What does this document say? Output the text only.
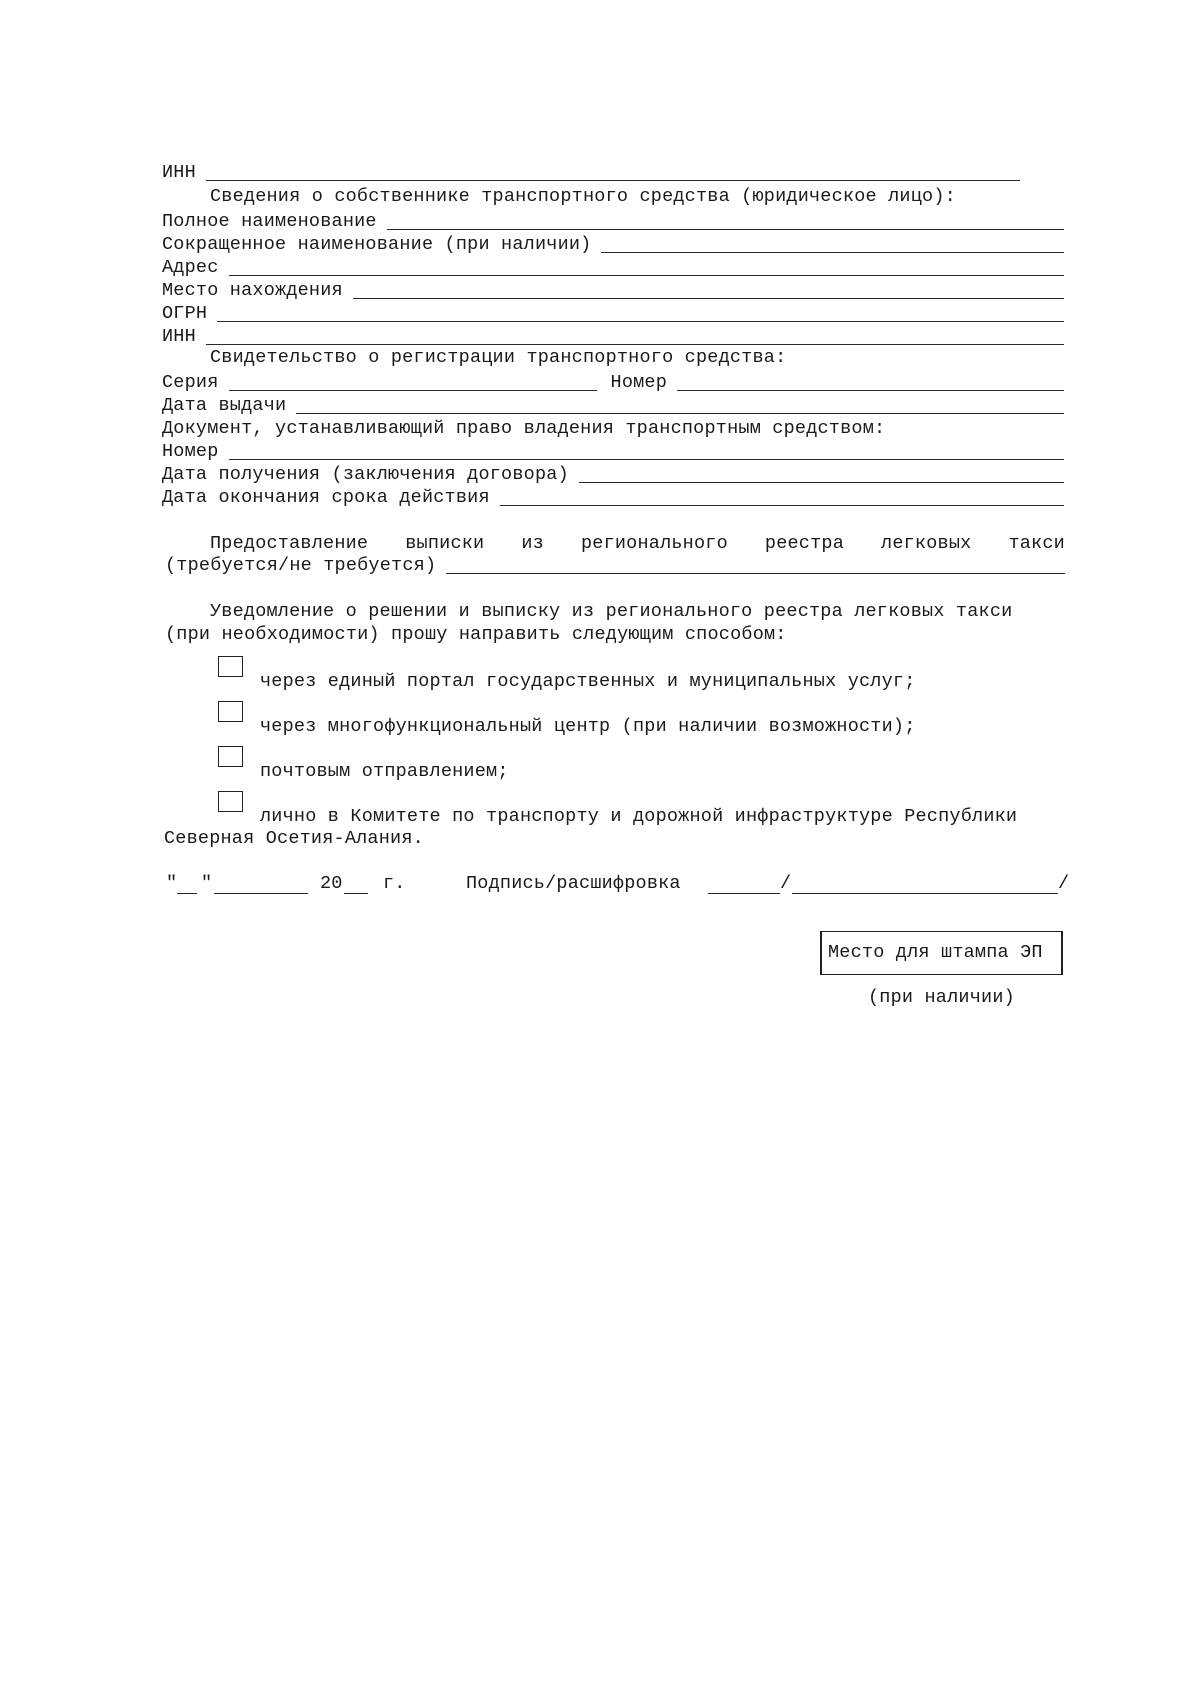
ИНН
Сведения о собственнике транспортного средства (юридическое лицо):
Полное наименование
Сокращенное наименование (при наличии)
Адрес
Место нахождения
ОГРН
ИНН
Свидетельство о регистрации транспортного средства:
Серия	Номер
Дата выдачи
Документ, устанавливающий право владения транспортным средством:
Номер
Дата получения (заключения договора)
Дата окончания срока действия
Предоставление выписки из регионального реестра легковых такси
(требуется/не требуется)
Уведомление о решении и выписку из регионального реестра легковых такси
(при необходимости) прошу направить следующим способом:
через единый портал государственных и муниципальных услуг;
через многофункциональный центр (при наличии возможности);
почтовым отправлением;
лично в Комитете по транспорту и дорожной инфраструктуре Республики
Северная Осетия-Алания.
" "	20 г.	Подпись/расшифровка	/	/
Место для штампа ЭП
(при наличии)
